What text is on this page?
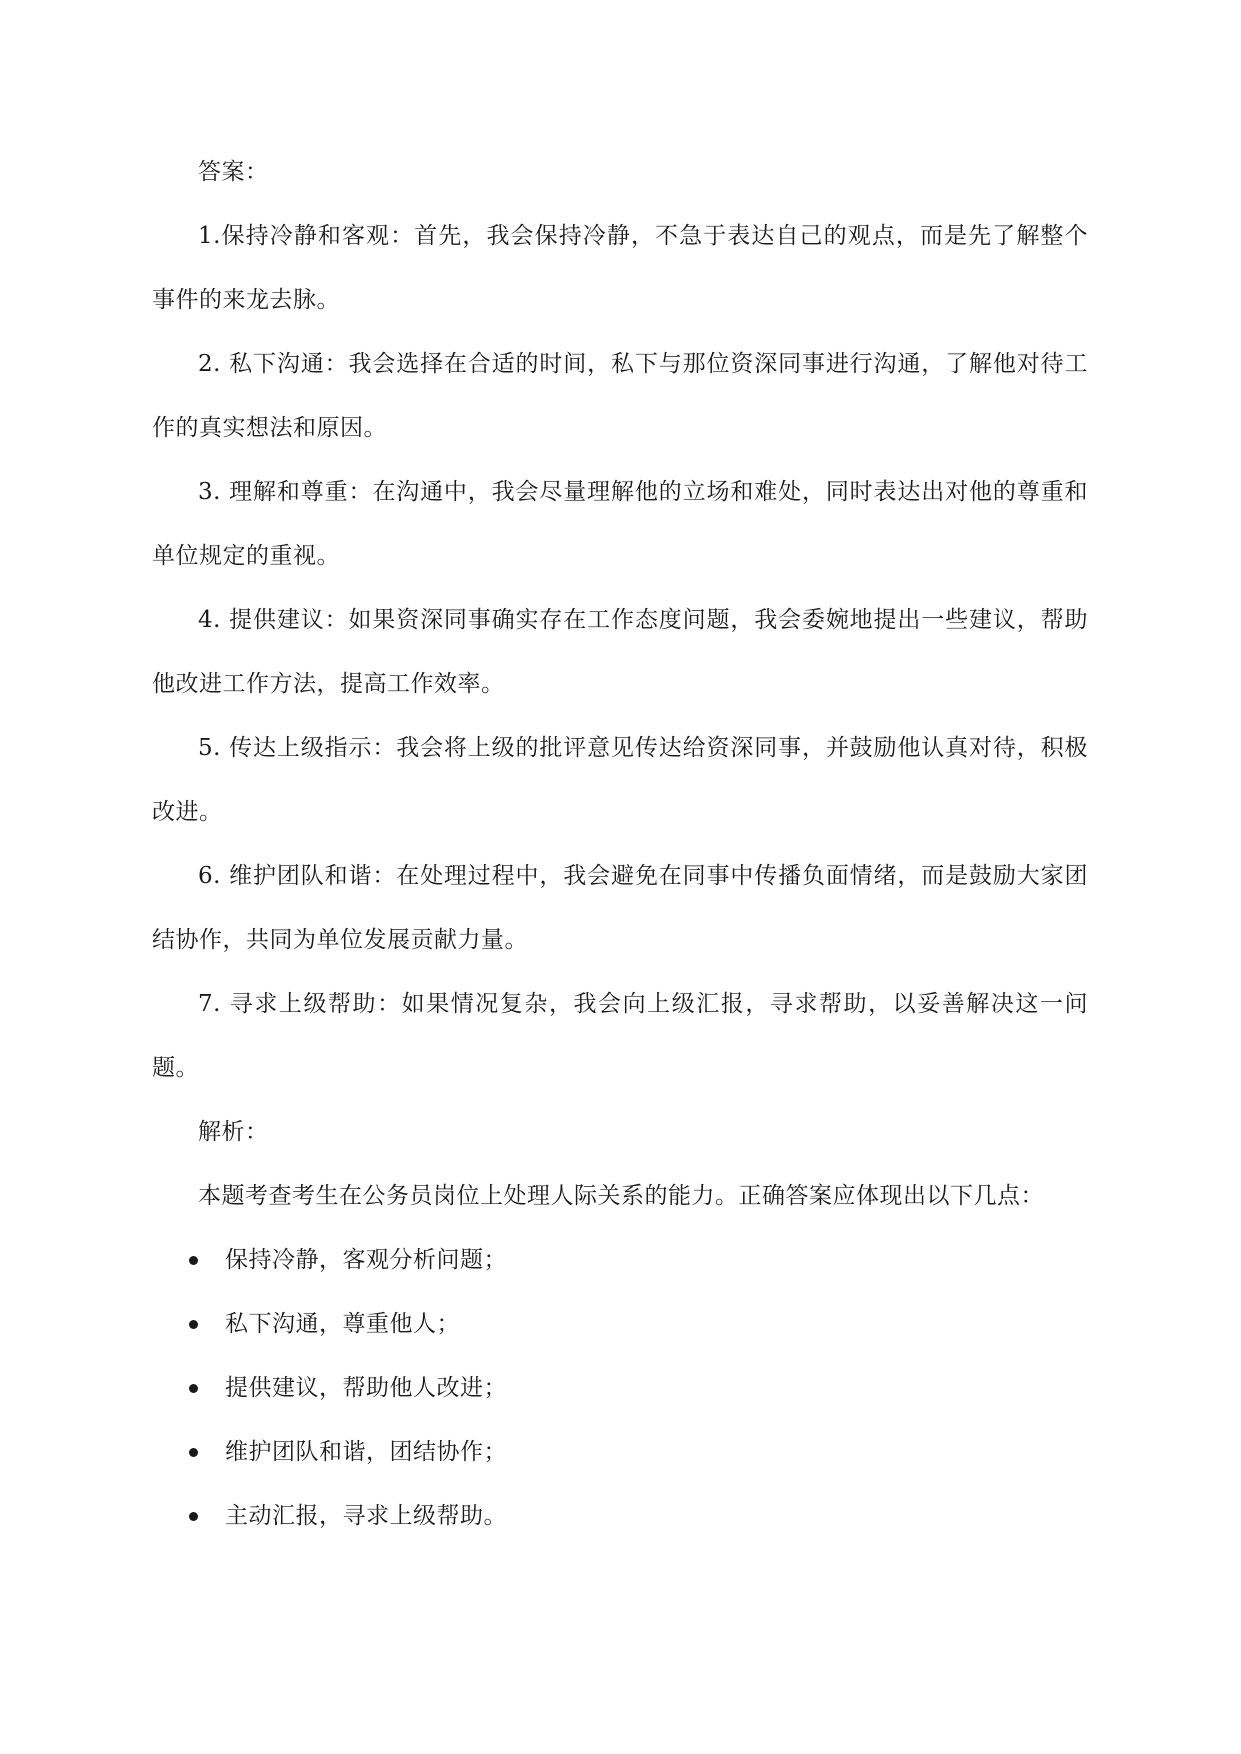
答案：

1.保持冷静和客观：首先，我会保持冷静，不急于表达自己的观点，而是先了解整个事件的来龙去脉。

2. 私下沟通：我会选择在合适的时间，私下与那位资深同事进行沟通，了解他对待工作的真实想法和原因。

3. 理解和尊重：在沟通中，我会尽量理解他的立场和难处，同时表达出对他的尊重和单位规定的重视。

4. 提供建议：如果资深同事确实存在工作态度问题，我会委婉地提出一些建议，帮助他改进工作方法，提高工作效率。

5. 传达上级指示：我会将上级的批评意见传达给资深同事，并鼓励他认真对待，积极改进。

6. 维护团队和谐：在处理过程中，我会避免在同事中传播负面情绪，而是鼓励大家团结协作，共同为单位发展贡献力量。

7. 寻求上级帮助：如果情况复杂，我会向上级汇报，寻求帮助，以妥善解决这一问题。

解析：

本题考查考生在公务员岗位上处理人际关系的能力。正确答案应体现出以下几点：

保持冷静，客观分析问题；
私下沟通，尊重他人；
提供建议，帮助他人改进；
维护团队和谐，团结协作；
主动汇报，寻求上级帮助。
